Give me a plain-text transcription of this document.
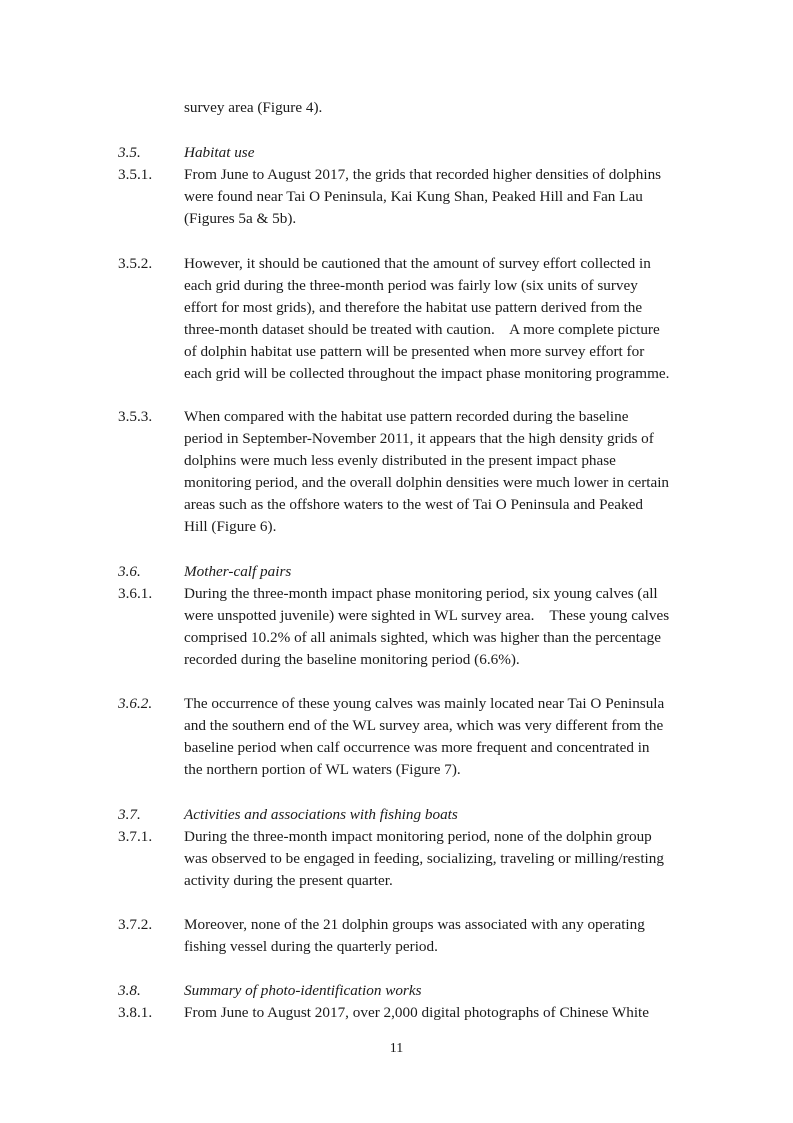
survey area (Figure 4).
3.5.	Habitat use
3.5.1. From June to August 2017, the grids that recorded higher densities of dolphins
were found near Tai O Peninsula, Kai Kung Shan, Peaked Hill and Fan Lau
(Figures 5a & 5b).
3.5.2. However, it should be cautioned that the amount of survey effort collected in
each grid during the three-month period was fairly low (six units of survey
effort for most grids), and therefore the habitat use pattern derived from the
three-month dataset should be treated with caution.    A more complete picture
of dolphin habitat use pattern will be presented when more survey effort for
each grid will be collected throughout the impact phase monitoring programme.
3.5.3. When compared with the habitat use pattern recorded during the baseline
period in September-November 2011, it appears that the high density grids of
dolphins were much less evenly distributed in the present impact phase
monitoring period, and the overall dolphin densities were much lower in certain
areas such as the offshore waters to the west of Tai O Peninsula and Peaked
Hill (Figure 6).
3.6.	Mother-calf pairs
3.6.1. During the three-month impact phase monitoring period, six young calves (all
were unspotted juvenile) were sighted in WL survey area.    These young calves
comprised 10.2% of all animals sighted, which was higher than the percentage
recorded during the baseline monitoring period (6.6%).
3.6.2. The occurrence of these young calves was mainly located near Tai O Peninsula
and the southern end of the WL survey area, which was very different from the
baseline period when calf occurrence was more frequent and concentrated in
the northern portion of WL waters (Figure 7).
3.7.	Activities and associations with fishing boats
3.7.1. During the three-month impact monitoring period, none of the dolphin group
was observed to be engaged in feeding, socializing, traveling or milling/resting
activity during the present quarter.
3.7.2. Moreover, none of the 21 dolphin groups was associated with any operating
fishing vessel during the quarterly period.
3.8.	Summary of photo-identification works
3.8.1. From June to August 2017, over 2,000 digital photographs of Chinese White
11
